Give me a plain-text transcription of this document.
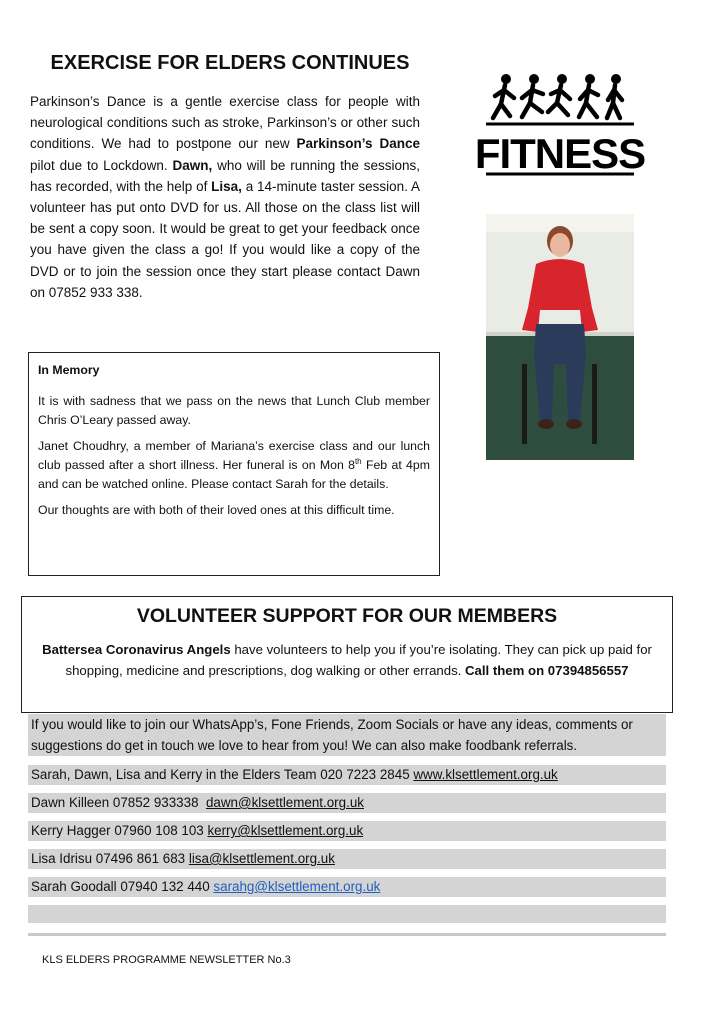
EXERCISE FOR ELDERS CONTINUES

Parkinson’s Dance is a gentle exercise class for people with neurological conditions such as stroke, Parkinson’s or other such conditions. We had to postpone our new Parkinson’s Dance pilot due to Lockdown. Dawn, who will be running the sessions, has recorded, with the help of Lisa, a 14-minute taster session. A volunteer has put onto DVD for us. All those on the class list will be sent a copy soon. It would be great to get your feedback once you have given the class a go! If you would like a copy of the DVD or to join the session once they start please contact Dawn on 07852 933 338.

FITNESS
In Memory

It is with sadness that we pass on the news that Lunch Club member Chris O’Leary passed away.

Janet Choudhry, a member of Mariana’s exercise class and our lunch club passed after a short illness. Her funeral is on Mon 8th Feb at 4pm and can be watched online. Please contact Sarah for the details.

Our thoughts are with both of their loved ones at this difficult time.

VOLUNTEER SUPPORT FOR OUR MEMBERS

Battersea Coronavirus Angels have volunteers to help you if you’re isolating. They can pick up paid for shopping, medicine and prescriptions, dog walking or other errands. Call them on 07394856557

If you would like to join our WhatsApp’s, Fone Friends, Zoom Socials or have any ideas, comments or suggestions do get in touch we love to hear from you! We can also make foodbank referrals.
Sarah, Dawn, Lisa and Kerry in the Elders Team 020 7223 2845 www.klsettlement.org.uk
Dawn Killeen 07852 933338  dawn@klsettlement.org.uk
Kerry Hagger 07960 108 103 kerry@klsettlement.org.uk
Lisa Idrisu 07496 861 683 lisa@klsettlement.org.uk
Sarah Goodall 07940 132 440 sarahg@klsettlement.org.uk
KLS ELDERS PROGRAMME NEWSLETTER No.3
